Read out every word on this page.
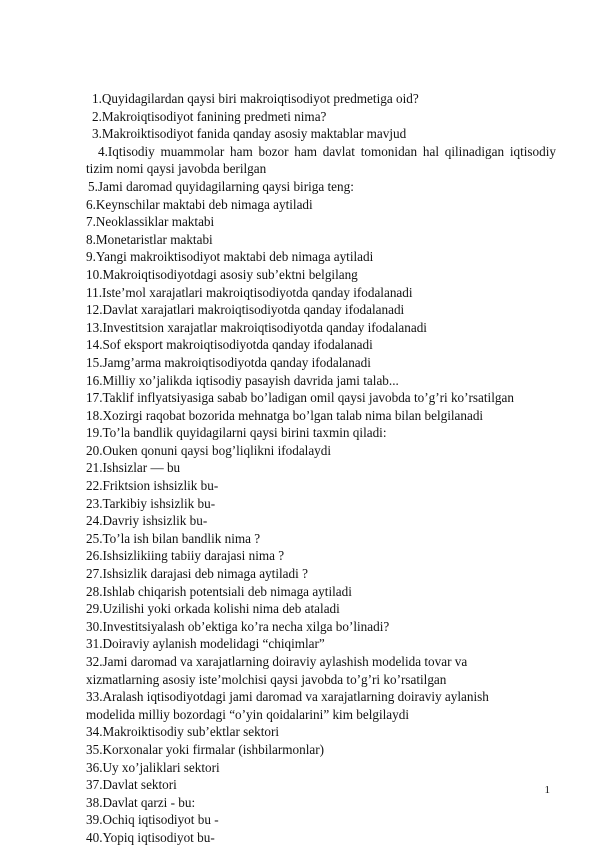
1.Quyidagilardan qaysi biri makroiqtisodiyot predmetiga oid?
2.Makroiqtisodiyot fanining predmeti nima?
3.Makroiktisodiyot fanida qanday asosiy maktablar mavjud
4.Iqtisodiy muammolar ham bozor ham davlat tomonidan hal qilinadigan iqtisodiy tizim nomi qaysi javobda berilgan
5.Jami daromad quyidagilarning qaysi biriga teng:
6.Keynschilar maktabi deb nimaga aytiladi
7.Neoklassiklar maktabi
8.Monetaristlar maktabi
9.Yangi makroiktisodiyot maktabi deb nimaga aytiladi
10.Makroiqtisodiyotdagi asosiy sub’ektni belgilang
11.Iste’mol xarajatlari makroiqtisodiyotda qanday ifodalanadi
12.Davlat xarajatlari makroiqtisodiyotda qanday ifodalanadi
13.Investitsion xarajatlar makroiqtisodiyotda qanday ifodalanadi
14.Sof eksport makroiqtisodiyotda qanday ifodalanadi
15.Jamg’arma makroiqtisodiyotda qanday ifodalanadi
16.Milliy xo’jalikda iqtisodiy pasayish davrida jami talab...
17.Taklif inflyatsiyasiga sabab bo’ladigan omil qaysi javobda to’g’ri ko’rsatilgan
18.Xozirgi raqobat bozorida mehnatga bo’lgan talab nima bilan belgilanadi
19.To’la bandlik quyidagilarni qaysi birini taxmin qiladi:
20.Ouken qonuni qaysi bog’liqlikni ifodalaydi
21.Ishsizlar — bu
22.Friktsion ishsizlik bu-
23.Tarkibiy ishsizlik bu-
24.Davriy ishsizlik bu-
25.To’la ish bilan bandlik nima ?
26.Ishsizlikiing tabiiy darajasi nima ?
27.Ishsizlik darajasi deb nimaga aytiladi ?
28.Ishlab chiqarish potentsiali deb nimaga aytiladi
29.Uzilishi yoki orkada kolishi nima deb ataladi
30.Investitsiyalash ob’ektiga ko’ra necha xilga bo’linadi?
31.Doiraviy aylanish modelidagi “chiqimlar”
32.Jami daromad va xarajatlarning doiraviy aylashish modelida tovar va xizmatlarning asosiy iste’molchisi qaysi javobda to’g’ri ko’rsatilgan
33.Aralash iqtisodiyotdagi jami daromad va xarajatlarning doiraviy aylanish modelida milliy bozordagi “o’yin qoidalarini” kim belgilaydi
34.Makroiktisodiy sub’ektlar sektori
35.Korxonalar yoki firmalar (ishbilarmonlar)
36.Uy xo’jaliklari sektori
37.Davlat sektori
38.Davlat qarzi - bu:
39.Ochiq iqtisodiyot bu -
40.Yopiq iqtisodiyot bu-
1
